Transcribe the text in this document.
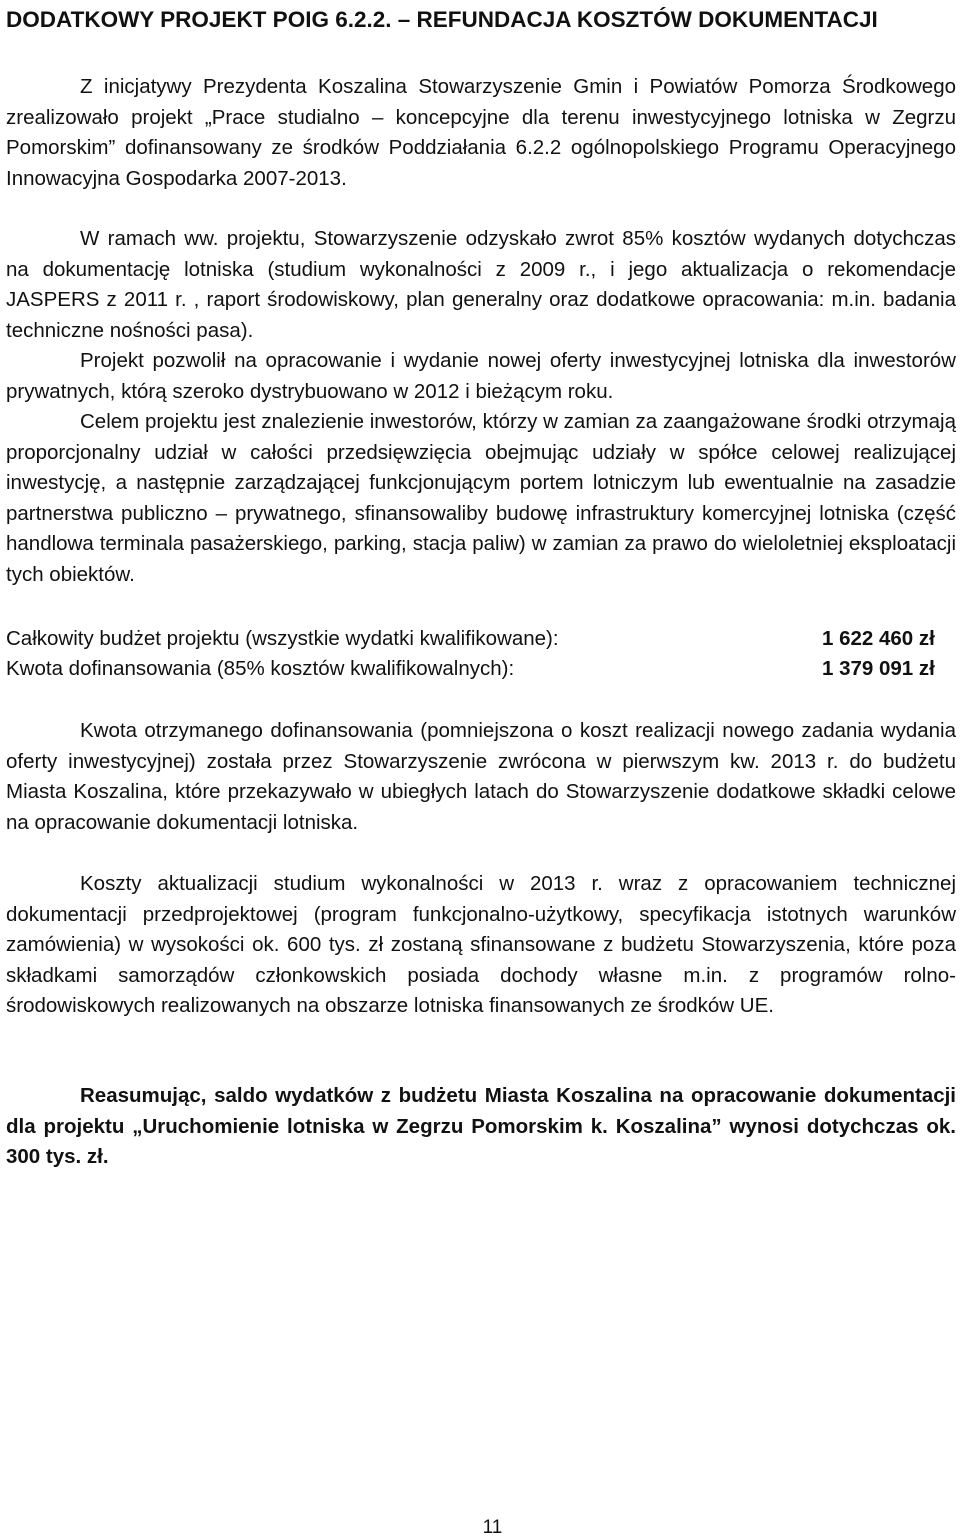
DODATKOWY PROJEKT POIG 6.2.2. – REFUNDACJA KOSZTÓW DOKUMENTACJI

Z inicjatywy Prezydenta Koszalina Stowarzyszenie Gmin i Powiatów Pomorza Środkowego zrealizowało projekt „Prace studialno – koncepcyjne dla terenu inwestycyjnego lotniska w Zegrzu Pomorskim” dofinansowany ze środków Poddziałania 6.2.2 ogólnopolskiego Programu Operacyjnego Innowacyjna Gospodarka 2007-2013.

W ramach ww. projektu, Stowarzyszenie odzyskało zwrot 85% kosztów wydanych dotychczas na dokumentację lotniska (studium wykonalności z 2009 r., i jego aktualizacja o rekomendacje JASPERS z 2011 r. , raport środowiskowy, plan generalny oraz dodatkowe opracowania: m.in. badania techniczne nośności pasa).

Projekt pozwolił na opracowanie i wydanie nowej oferty inwestycyjnej lotniska dla inwestorów prywatnych, którą szeroko dystrybuowano w 2012 i bieżącym roku.

Celem projektu jest znalezienie inwestorów, którzy w zamian za zaangażowane środki otrzymają proporcjonalny udział w całości przedsięwzięcia obejmując udziały w spółce celowej realizującej inwestycję, a następnie zarządzającej funkcjonującym portem lotniczym lub ewentualnie na zasadzie partnerstwa publiczno – prywatnego, sfinansowaliby budowę infrastruktury komercyjnej lotniska (część handlowa terminala pasażerskiego, parking, stacja paliw) w zamian za prawo do wieloletniej eksploatacji tych obiektów.

Całkowity budżet projektu (wszystkie wydatki kwalifikowane):	1 622 460 zł
Kwota dofinansowania (85% kosztów kwalifikowalnych):	1 379 091 zł

Kwota otrzymanego dofinansowania (pomniejszona o koszt realizacji nowego zadania wydania oferty inwestycyjnej) została przez Stowarzyszenie zwrócona w pierwszym kw. 2013 r. do budżetu Miasta Koszalina, które przekazywało w ubiegłych latach do Stowarzyszenie dodatkowe składki celowe na opracowanie dokumentacji lotniska.

Koszty aktualizacji studium wykonalności w 2013 r. wraz z opracowaniem technicznej dokumentacji przedprojektowej (program funkcjonalno-użytkowy, specyfikacja istotnych warunków zamówienia) w wysokości ok. 600 tys. zł zostaną sfinansowane z budżetu Stowarzyszenia, które poza składkami samorządów członkowskich posiada dochody własne m.in. z programów rolno-środowiskowych realizowanych na obszarze lotniska finansowanych ze środków UE.

Reasumując, saldo wydatków z budżetu Miasta Koszalina na opracowanie dokumentacji dla projektu „Uruchomienie lotniska w Zegrzu Pomorskim k. Koszalina” wynosi dotychczas ok. 300 tys. zł.

11
